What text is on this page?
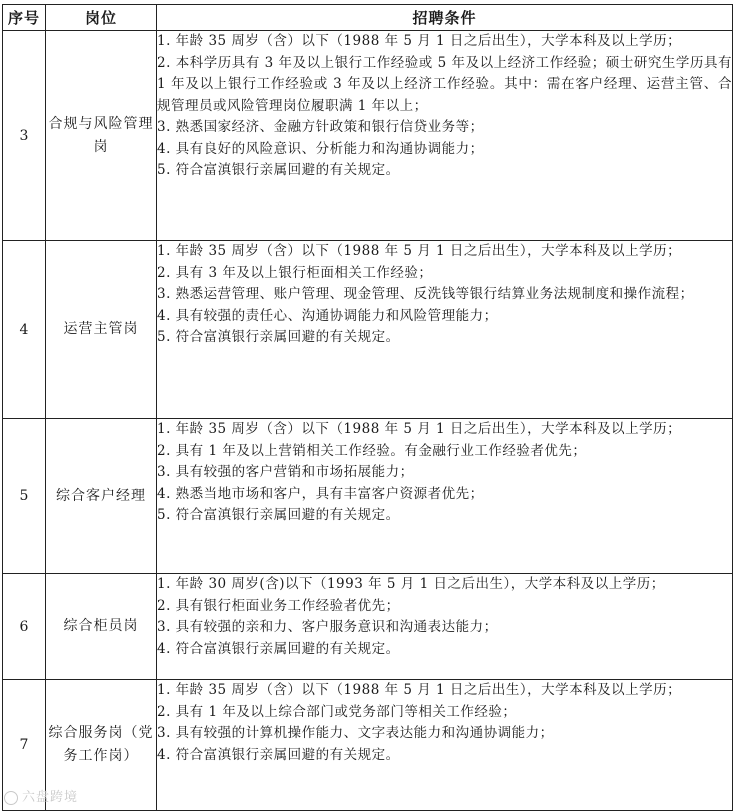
序号	岗位	招聘条件
3	合规与风险管理岗	1. 年龄 35 周岁（含）以下（1988 年 5 月 1 日之后出生），大学本科及以上学历；
2. 本科学历具有 3 年及以上银行工作经验或 5 年及以上经济工作经验；硕士研究生学历具有 1 年及以上银行工作经验或 3 年及以上经济工作经验。其中：需在客户经理、运营主管、合规管理员或风险管理岗位履职满 1 年以上；
3. 熟悉国家经济、金融方针政策和银行信贷业务等；
4. 具有良好的风险意识、分析能力和沟通协调能力；
5. 符合富滇银行亲属回避的有关规定。

4	运营主管岗	1. 年龄 35 周岁（含）以下（1988 年 5 月 1 日之后出生），大学本科及以上学历；
2. 具有 3 年及以上银行柜面相关工作经验；
3. 熟悉运营管理、账户管理、现金管理、反洗钱等银行结算业务法规制度和操作流程；
4. 具有较强的责任心、沟通协调能力和风险管理能力；
5. 符合富滇银行亲属回避的有关规定。

5	综合客户经理	1. 年龄 35 周岁（含）以下（1988 年 5 月 1 日之后出生），大学本科及以上学历；
2. 具有 1 年及以上营销相关工作经验。有金融行业工作经验者优先；
3. 具有较强的客户营销和市场拓展能力；
4. 熟悉当地市场和客户，具有丰富客户资源者优先；
5. 符合富滇银行亲属回避的有关规定。

6	综合柜员岗	1. 年龄 30 周岁(含)以下（1993 年 5 月 1 日之后出生），大学本科及以上学历；
2. 具有银行柜面业务工作经验者优先；
3. 具有较强的亲和力、客户服务意识和沟通表达能力；
4. 符合富滇银行亲属回避的有关规定。

7	综合服务岗（党务工作岗）	1. 年龄 35 周岁（含）以下（1988 年 5 月 1 日之后出生），大学本科及以上学历；
2. 具有 1 年及以上综合部门或党务部门等相关工作经验；
3. 具有较强的计算机操作能力、文字表达能力和沟通协调能力；
4. 符合富滇银行亲属回避的有关规定。
六盘跨境
